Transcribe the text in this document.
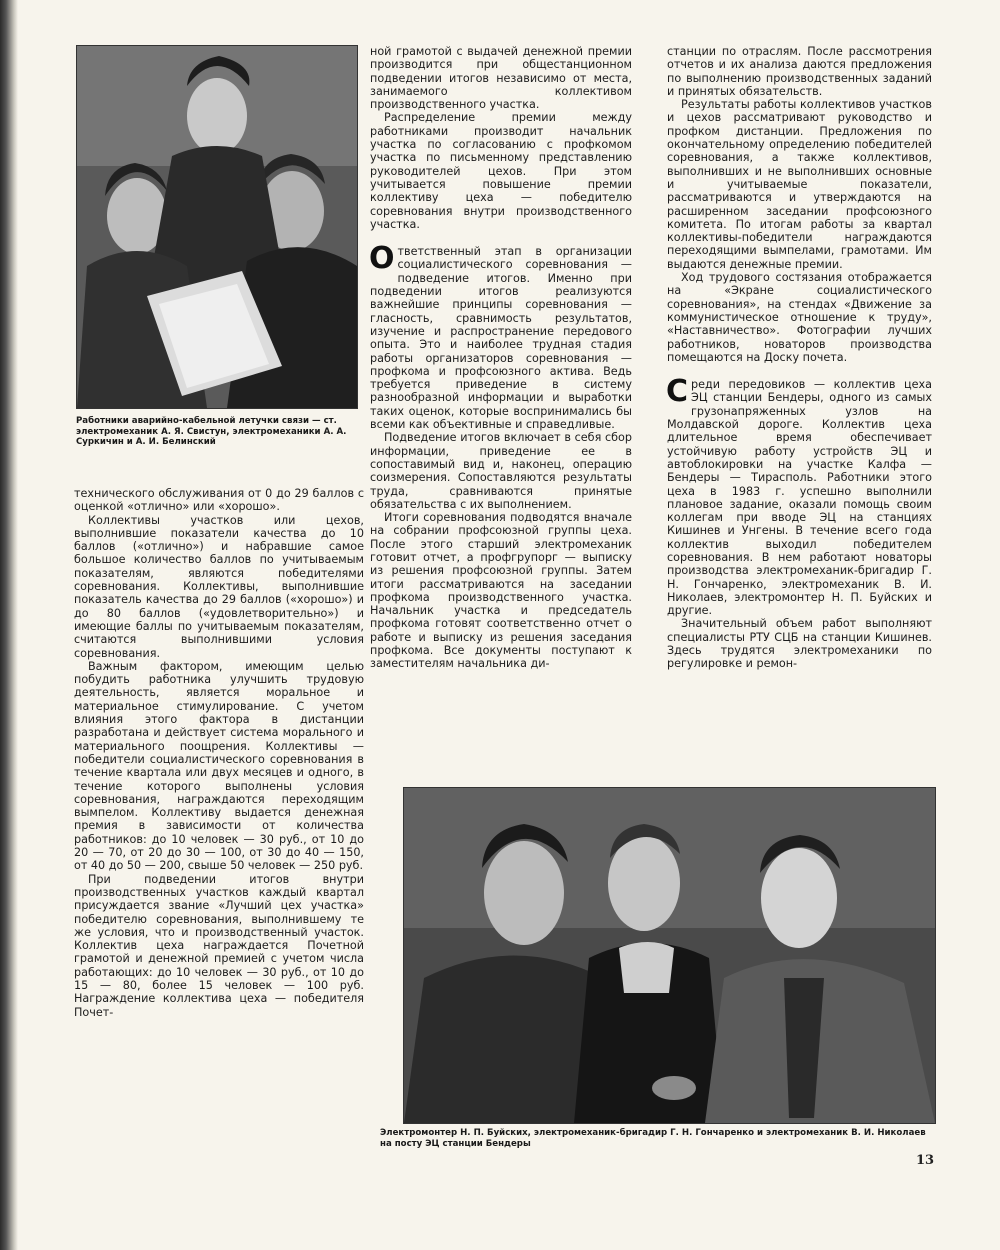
Работники аварийно-кабельной летучки связи — ст. электромеханик А. Я. Свистун, электромеханики А. А. Суркичин и А. И. Белинский

технического обслуживания от 0 до 29 баллов с оценкой «отлично» или «хорошо».

Коллективы участков или цехов, выполнившие показатели качества до 10 баллов («отлично») и набравшие самое большое количество баллов по учитываемым показателям, являются победителями соревнования. Коллективы, выполнившие показатель качества до 29 баллов («хорошо») и до 80 баллов («удовлетворительно») и имеющие баллы по учитываемым показателям, считаются выполнившими условия соревнования.

Важным фактором, имеющим целью побудить работника улучшить трудовую деятельность, является моральное и материальное стимулирование. С учетом влияния этого фактора в дистанции разработана и действует система морального и материального поощрения. Коллективы — победители социалистического соревнования в течение квартала или двух месяцев и одного, в течение которого выполнены условия соревнования, награждаются переходящим вымпелом. Коллективу выдается денежная премия в зависимости от количества работников: до 10 человек — 30 руб., от 10 до 20 — 70, от 20 до 30 — 100, от 30 до 40 — 150, от 40 до 50 — 200, свыше 50 человек — 250 руб.

При подведении итогов внутри производственных участков каждый квартал присуждается звание «Лучший цех участка» победителю соревнования, выполнившему те же условия, что и производственный участок. Коллектив цеха награждается Почетной грамотой и денежной премией с учетом числа работающих: до 10 человек — 30 руб., от 10 до 15 — 80, более 15 человек — 100 руб. Награждение коллектива цеха — победителя Почет-

ной грамотой с выдачей денежной премии производится при общестанционном подведении итогов независимо от места, занимаемого коллективом производственного участка.

Распределение премии между работниками производит начальник участка по согласованию с профкомом участка по письменному представлению руководителей цехов. При этом учитывается повышение премии коллективу цеха — победителю соревнования внутри производственного участка.

Ответственный этап в организации социалистического соревнования — подведение итогов. Именно при подведении итогов реализуются важнейшие принципы соревнования — гласность, сравнимость результатов, изучение и распространение передового опыта. Это и наиболее трудная стадия работы организаторов соревнования — профкома и профсоюзного актива. Ведь требуется приведение в систему разнообразной информации и выработки таких оценок, которые воспринимались бы всеми как объективные и справедливые.

Подведение итогов включает в себя сбор информации, приведение ее в сопоставимый вид и, наконец, операцию соизмерения. Сопоставляются результаты труда, сравниваются принятые обязательства с их выполнением.

Итоги соревнования подводятся вначале на собрании профсоюзной группы цеха. После этого старший электромеханик готовит отчет, а профгрупорг — выписку из решения профсоюзной группы. Затем итоги рассматриваются на заседании профкома производственного участка. Начальник участка и председатель профкома готовят соответственно отчет о работе и выписку из решения заседания профкома. Все документы поступают к заместителям начальника ди-

станции по отраслям. После рассмотрения отчетов и их анализа даются предложения по выполнению производственных заданий и принятых обязательств.

Результаты работы коллективов участков и цехов рассматривают руководство и профком дистанции. Предложения по окончательному определению победителей соревнования, а также коллективов, выполнивших и не выполнивших основные и учитываемые показатели, рассматриваются и утверждаются на расширенном заседании профсоюзного комитета. По итогам работы за квартал коллективы-победители награждаются переходящими вымпелами, грамотами. Им выдаются денежные премии.

Ход трудового состязания отображается на «Экране социалистического соревнования», на стендах «Движение за коммунистическое отношение к труду», «Наставничество». Фотографии лучших работников, новаторов производства помещаются на Доску почета.

Среди передовиков — коллектив цеха ЭЦ станции Бендеры, одного из самых грузонапряженных узлов на Молдавской дороге. Коллектив цеха длительное время обеспечивает устойчивую работу устройств ЭЦ и автоблокировки на участке Калфа — Бендеры — Тирасполь. Работники этого цеха в 1983 г. успешно выполнили плановое задание, оказали помощь своим коллегам при вводе ЭЦ на станциях Кишинев и Унгены. В течение всего года коллектив выходил победителем соревнования. В нем работают новаторы производства электромеханик-бригадир Г. Н. Гончаренко, электромеханик В. И. Николаев, электромонтер Н. П. Буйских и другие.

Значительный объем работ выполняют специалисты РТУ СЦБ на станции Кишинев. Здесь трудятся электромеханики по регулировке и ремон-

Электромонтер Н. П. Буйских, электромеханик-бригадир Г. Н. Гончаренко и электромеханик В. И. Николаев на посту ЭЦ станции Бендеры
13
